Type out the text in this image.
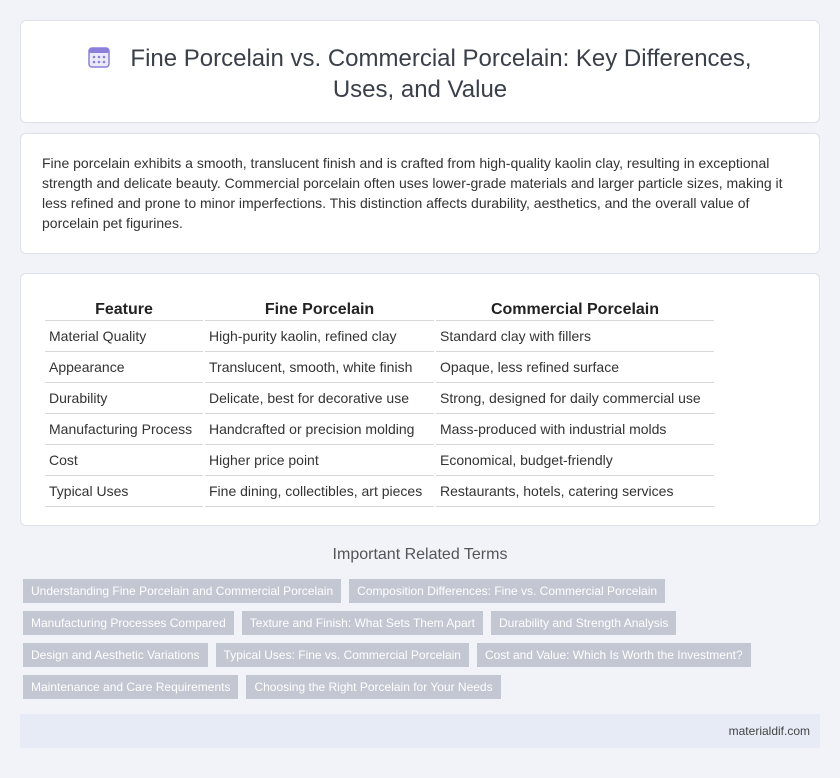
Fine Porcelain vs. Commercial Porcelain: Key Differences, Uses, and Value

Fine porcelain exhibits a smooth, translucent finish and is crafted from high-quality kaolin clay, resulting in exceptional strength and delicate beauty. Commercial porcelain often uses lower-grade materials and larger particle sizes, making it less refined and prone to minor imperfections. This distinction affects durability, aesthetics, and the overall value of porcelain pet figurines.

Feature	Fine Porcelain	Commercial Porcelain
Material Quality	High-purity kaolin, refined clay	Standard clay with fillers
Appearance	Translucent, smooth, white finish	Opaque, less refined surface
Durability	Delicate, best for decorative use	Strong, designed for daily commercial use
Manufacturing Process	Handcrafted or precision molding	Mass-produced with industrial molds
Cost	Higher price point	Economical, budget-friendly
Typical Uses	Fine dining, collectibles, art pieces	Restaurants, hotels, catering services
Important Related Terms
Understanding Fine Porcelain and Commercial Porcelain	Composition Differences: Fine vs. Commercial Porcelain
Manufacturing Processes Compared	Texture and Finish: What Sets Them Apart	Durability and Strength Analysis
Design and Aesthetic Variations	Typical Uses: Fine vs. Commercial Porcelain	Cost and Value: Which Is Worth the Investment?
Maintenance and Care Requirements	Choosing the Right Porcelain for Your Needs
materialdif.com
